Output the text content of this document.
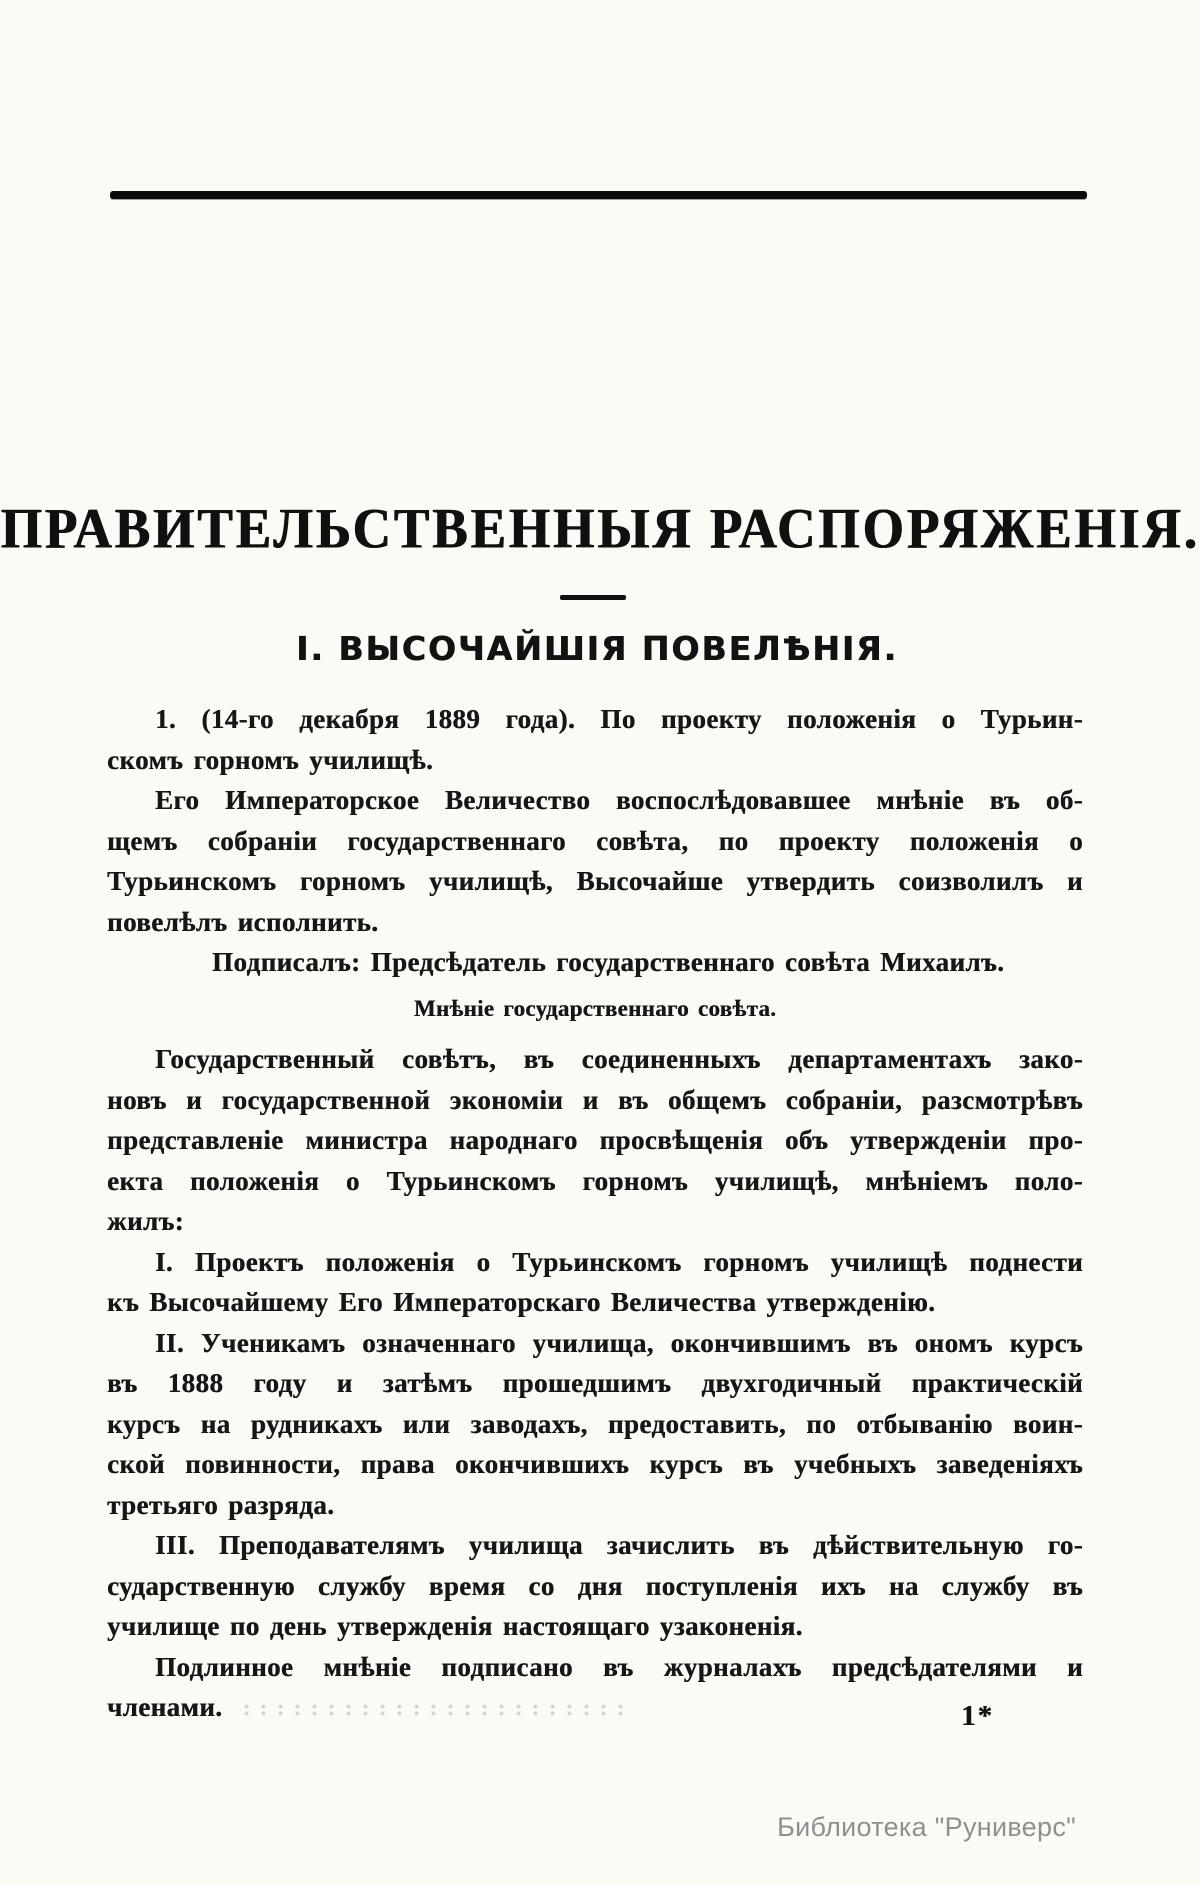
ПРАВИТЕЛЬСТВЕННЫЯ РАСПОРЯЖЕНІЯ.
І. ВЫСОЧАЙШІЯ ПОВЕЛѢНІЯ.
1. (14-го декабря 1889 года). По проекту положенія о Турьин-
скомъ горномъ училищѣ.
Его Императорское Величество воспослѣдовавшее мнѣніе въ об-
щемъ собраніи государственнаго совѣта, по проекту положенія о
Турьинскомъ горномъ училищѣ, Высочайше утвердить соизволилъ и
повелѣлъ исполнить.
Подписалъ: Предсѣдатель государственнаго совѣта Михаилъ.
Мнѣніе государственнаго совѣта.
Государственный совѣтъ, въ соединенныхъ департаментахъ зако-
новъ и государственной экономіи и въ общемъ собраніи, разсмотрѣвъ
представленіе министра народнаго просвѣщенія объ утвержденіи про-
екта положенія о Турьинскомъ горномъ училищѣ, мнѣніемъ поло-
жилъ:
І. Проектъ положенія о Турьинскомъ горномъ училищѣ поднести
къ Высочайшему Его Императорскаго Величества утвержденію.
ІІ. Ученикамъ означеннаго училища, окончившимъ въ ономъ курсъ
въ 1888 году и затѣмъ прошедшимъ двухгодичный практическій
курсъ на рудникахъ или заводахъ, предоставить, по отбыванію воин-
ской повинности, права окончившихъ курсъ въ учебныхъ заведеніяхъ
третьяго разряда.
ІІІ. Преподавателямъ училища зачислить въ дѣйствительную го-
сударственную службу время со дня поступленія ихъ на службу въ
училище по день утвержденія настоящаго узаконенія.
Подлинное мнѣніе подписано въ журналахъ предсѣдателями и
членами.	1*
Библиотека "Руниверс"
